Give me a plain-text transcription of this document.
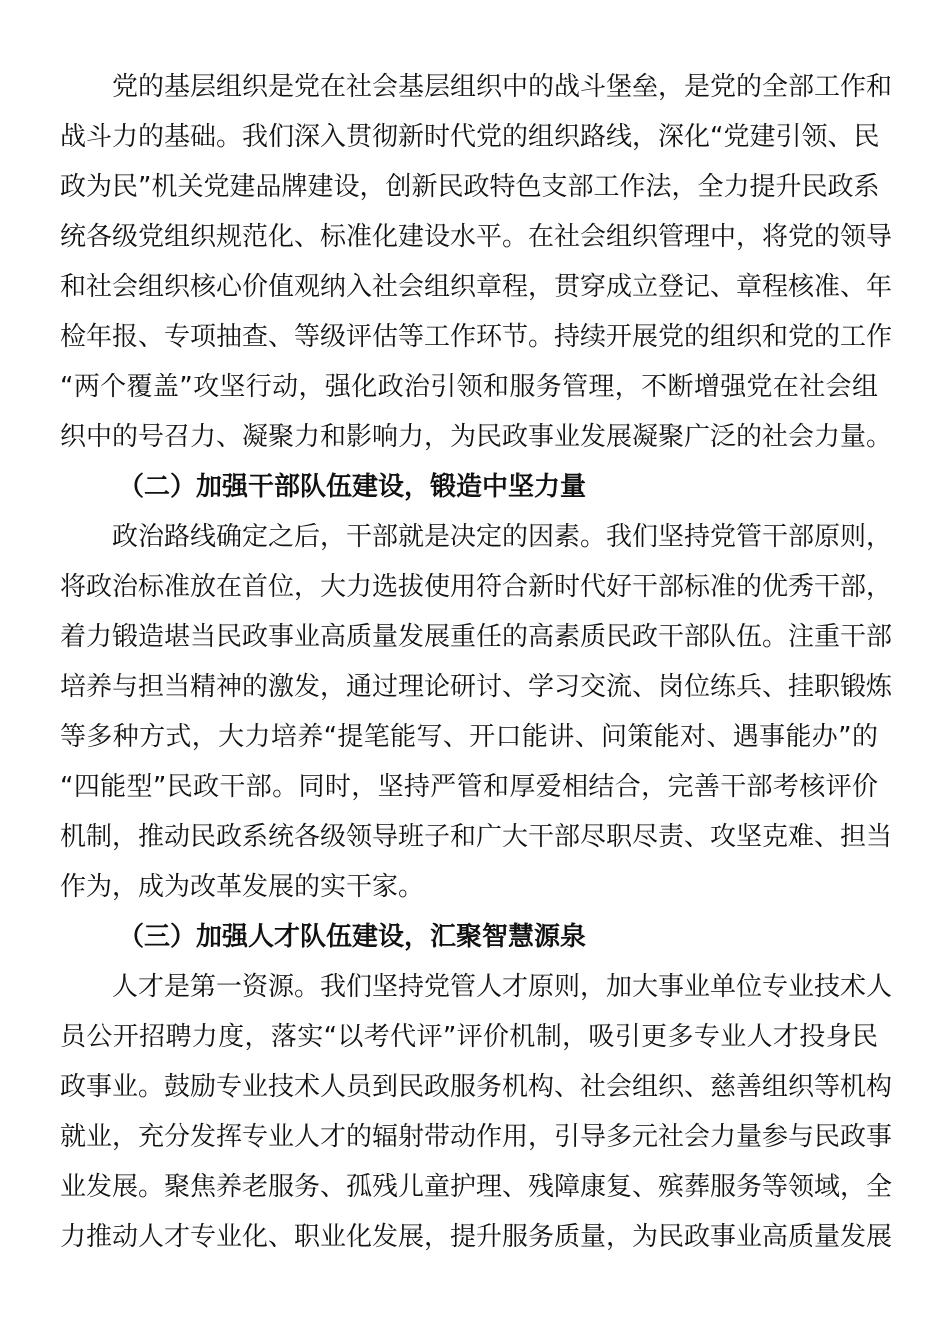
党的基层组织是党在社会基层组织中的战斗堡垒，是党的全部工作和
战斗力的基础。我们深入贯彻新时代党的组织路线，深化“党建引领、民
政为民”机关党建品牌建设，创新民政特色支部工作法，全力提升民政系
统各级党组织规范化、标准化建设水平。在社会组织管理中，将党的领导
和社会组织核心价值观纳入社会组织章程，贯穿成立登记、章程核准、年
检年报、专项抽查、等级评估等工作环节。持续开展党的组织和党的工作
“两个覆盖”攻坚行动，强化政治引领和服务管理，不断增强党在社会组
织中的号召力、凝聚力和影响力，为民政事业发展凝聚广泛的社会力量。
（二）加强干部队伍建设，锻造中坚力量
政治路线确定之后，干部就是决定的因素。我们坚持党管干部原则，
将政治标准放在首位，大力选拔使用符合新时代好干部标准的优秀干部，
着力锻造堪当民政事业高质量发展重任的高素质民政干部队伍。注重干部
培养与担当精神的激发，通过理论研讨、学习交流、岗位练兵、挂职锻炼
等多种方式，大力培养“提笔能写、开口能讲、问策能对、遇事能办”的
“四能型”民政干部。同时，坚持严管和厚爱相结合，完善干部考核评价
机制，推动民政系统各级领导班子和广大干部尽职尽责、攻坚克难、担当
作为，成为改革发展的实干家。
（三）加强人才队伍建设，汇聚智慧源泉
人才是第一资源。我们坚持党管人才原则，加大事业单位专业技术人
员公开招聘力度，落实“以考代评”评价机制，吸引更多专业人才投身民
政事业。鼓励专业技术人员到民政服务机构、社会组织、慈善组织等机构
就业，充分发挥专业人才的辐射带动作用，引导多元社会力量参与民政事
业发展。聚焦养老服务、孤残儿童护理、残障康复、殡葬服务等领域，全
力推动人才专业化、职业化发展，提升服务质量，为民政事业高质量发展
